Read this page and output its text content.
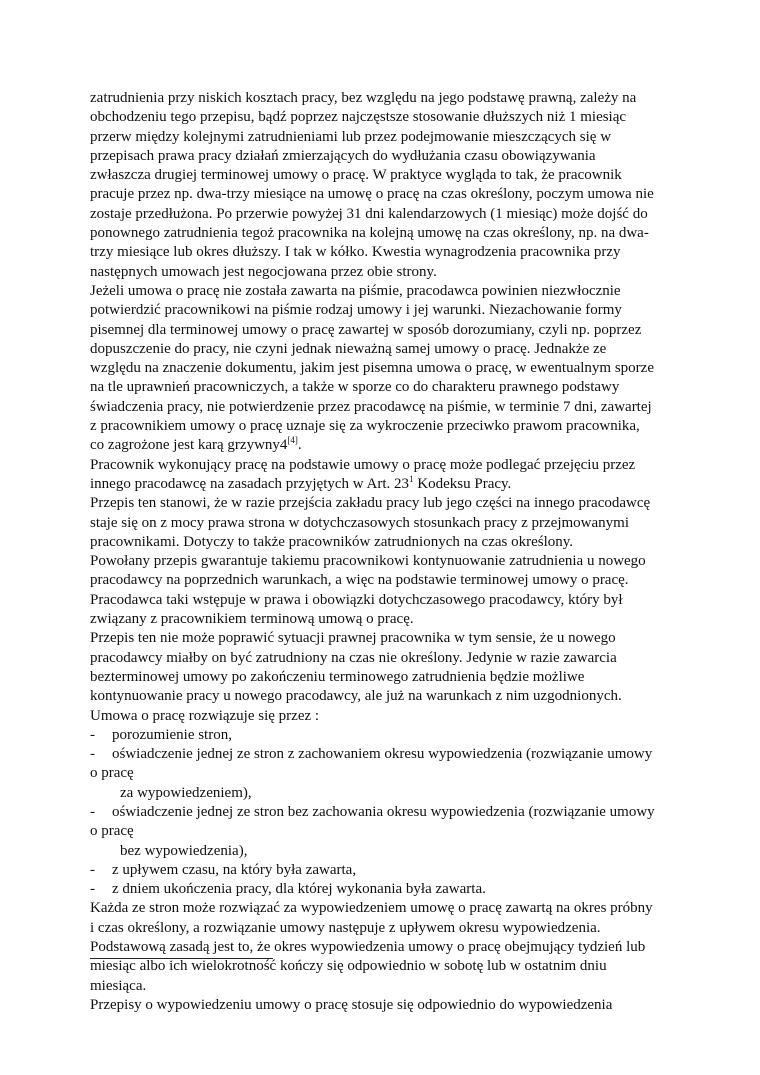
zatrudnienia przy niskich kosztach pracy, bez względu na jego podstawę prawną, zależy na
obchodzeniu tego przepisu, bądź poprzez najczęstsze stosowanie dłuższych niż 1 miesiąc
przerw między kolejnymi zatrudnieniami lub przez podejmowanie mieszczących się w
przepisach prawa pracy działań zmierzających do wydłużania czasu obowiązywania
zwłaszcza drugiej terminowej umowy o pracę. W praktyce wygląda to tak, że pracownik
pracuje przez np. dwa-trzy miesiące na umowę o pracę na czas określony, poczym umowa nie
zostaje przedłużona. Po przerwie powyżej 31 dni kalendarzowych (1 miesiąc) może dojść do
ponownego zatrudnienia tegoż pracownika na kolejną umowę na czas określony, np. na dwa-
trzy miesiące lub okres dłuższy. I tak w kółko. Kwestia wynagrodzenia pracownika przy
następnych umowach jest negocjowana przez obie strony.
Jeżeli umowa o pracę nie została zawarta na piśmie, pracodawca powinien niezwłocznie
potwierdzić pracownikowi na piśmie rodzaj umowy i jej warunki. Niezachowanie formy
pisemnej dla terminowej umowy o pracę zawartej w sposób dorozumiany, czyli np. poprzez
dopuszczenie do pracy, nie czyni jednak nieważną samej umowy o pracę. Jednakże ze
względu na znaczenie dokumentu, jakim jest pisemna umowa o pracę, w ewentualnym sporze
na tle uprawnień pracowniczych, a także w sporze co do charakteru prawnego podstawy
świadczenia pracy, nie potwierdzenie przez pracodawcę na piśmie, w terminie 7 dni, zawartej
z pracownikiem umowy o pracę uznaje się za wykroczenie przeciwko prawom pracownika,
co zagrożone jest karą grzywny4[4].
Pracownik wykonujący pracę na podstawie umowy o pracę może podlegać przejęciu przez
innego pracodawcę na zasadach przyjętych w Art. $23^1$ Kodeksu Pracy.
Przepis ten stanowi, że w razie przejścia zakładu pracy lub jego części na innego pracodawcę
staje się on z mocy prawa strona w dotychczasowych stosunkach pracy z przejmowanymi
pracownikami. Dotyczy to także pracowników zatrudnionych na czas określony.
Powołany przepis gwarantuje takiemu pracownikowi kontynuowanie zatrudnienia u nowego
pracodawcy na poprzednich warunkach, a więc na podstawie terminowej umowy o pracę.
Pracodawca taki wstępuje w prawa i obowiązki dotychczasowego pracodawcy, który był
związany z pracownikiem terminową umową o pracę.
Przepis ten nie może poprawić sytuacji prawnej pracownika w tym sensie, że u nowego
pracodawcy miałby on być zatrudniony na czas nie określony. Jedynie w razie zawarcia
bezterminowej umowy po zakończeniu terminowego zatrudnienia będzie możliwe
kontynuowanie pracy u nowego pracodawcy, ale już na warunkach z nim uzgodnionych.
Umowa o pracę rozwiązuje się przez :
- porozumienie stron,
- oświadczenie jednej ze stron z zachowaniem okresu wypowiedzenia (rozwiązanie umowy
o pracę
za wypowiedzeniem),
- oświadczenie jednej ze stron bez zachowania okresu wypowiedzenia (rozwiązanie umowy
o pracę
bez wypowiedzenia),
- z upływem czasu, na który była zawarta,
- z dniem ukończenia pracy, dla której wykonania była zawarta.
Każda ze stron może rozwiązać za wypowiedzeniem umowę o pracę zawartą na okres próbny
i czas określony, a rozwiązanie umowy następuje z upływem okresu wypowiedzenia.
Podstawową zasadą jest to, że okres wypowiedzenia umowy o pracę obejmujący tydzień lub
miesiąc albo ich wielokrotność kończy się odpowiednio w sobotę lub w ostatnim dniu
miesiąca.
Przepisy o wypowiedzeniu umowy o pracę stosuje się odpowiednio do wypowiedzenia
